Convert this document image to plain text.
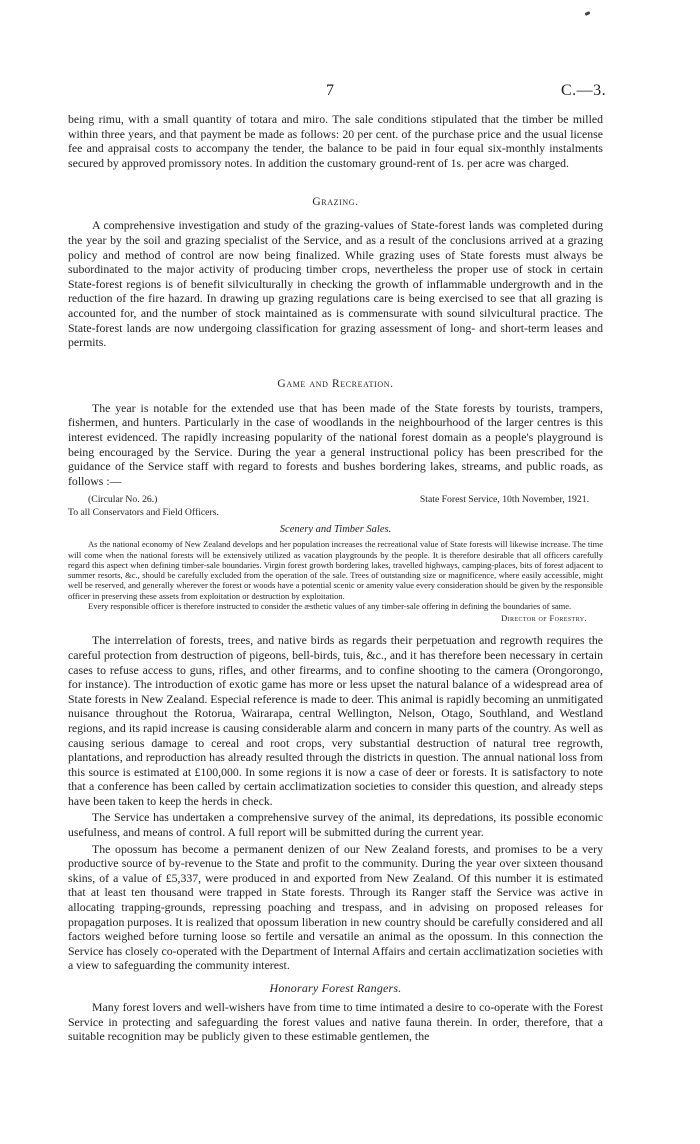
7	C.—3.

being rimu, with a small quantity of totara and miro. The sale conditions stipulated that the timber be milled within three years, and that payment be made as follows: 20 per cent. of the purchase price and the usual license fee and appraisal costs to accompany the tender, the balance to be paid in four equal six-monthly instalments secured by approved promissory notes. In addition the customary ground-rent of 1s. per acre was charged.

Grazing.

A comprehensive investigation and study of the grazing-values of State-forest lands was completed during the year by the soil and grazing specialist of the Service, and as a result of the conclusions arrived at a grazing policy and method of control are now being finalized. While grazing uses of State forests must always be subordinated to the major activity of producing timber crops, nevertheless the proper use of stock in certain State-forest regions is of benefit silviculturally in checking the growth of inflammable undergrowth and in the reduction of the fire hazard. In drawing up grazing regulations care is being exercised to see that all grazing is accounted for, and the number of stock maintained as is commensurate with sound silvicultural practice. The State-forest lands are now undergoing classification for grazing assessment of long- and short-term leases and permits.

Game and Recreation.

The year is notable for the extended use that has been made of the State forests by tourists, trampers, fishermen, and hunters. Particularly in the case of woodlands in the neighbourhood of the larger centres is this interest evidenced. The rapidly increasing popularity of the national forest domain as a people's playground is being encouraged by the Service. During the year a general instructional policy has been prescribed for the guidance of the Service staff with regard to forests and bushes bordering lakes, streams, and public roads, as follows :—

(Circular No. 26.)	State Forest Service, 10th November, 1921.
To all Conservators and Field Officers.
Scenery and Timber Sales.

As the national economy of New Zealand develops and her population increases the recreational value of State forests will likewise increase. The time will come when the national forests will be extensively utilized as vacation playgrounds by the people. It is therefore desirable that all officers carefully regard this aspect when defining timber-sale boundaries. Virgin forest growth bordering lakes, travelled highways, camping-places, bits of forest adjacent to summer resorts, &c., should be carefully excluded from the operation of the sale. Trees of outstanding size or magnificence, where easily accessible, might well be reserved, and generally wherever the forest or woods have a potential scenic or amenity value every consideration should be given by the responsible officer in preserving these assets from exploitation or destruction by exploitation.

Every responsible officer is therefore instructed to consider the æsthetic values of any timber-sale offering in defining the boundaries of same.

Director of Forestry.

The interrelation of forests, trees, and native birds as regards their perpetuation and regrowth requires the careful protection from destruction of pigeons, bell-birds, tuis, &c., and it has therefore been necessary in certain cases to refuse access to guns, rifles, and other firearms, and to confine shooting to the camera (Orongorongo, for instance). The introduction of exotic game has more or less upset the natural balance of a widespread area of State forests in New Zealand. Especial reference is made to deer. This animal is rapidly becoming an unmitigated nuisance throughout the Rotorua, Wairarapa, central Wellington, Nelson, Otago, Southland, and Westland regions, and its rapid increase is causing considerable alarm and concern in many parts of the country. As well as causing serious damage to cereal and root crops, very substantial destruction of natural tree regrowth, plantations, and reproduction has already resulted through the districts in question. The annual national loss from this source is estimated at £100,000. In some regions it is now a case of deer or forests. It is satisfactory to note that a conference has been called by certain acclimatization societies to consider this question, and already steps have been taken to keep the herds in check.

The Service has undertaken a comprehensive survey of the animal, its depredations, its possible economic usefulness, and means of control. A full report will be submitted during the current year.

The opossum has become a permanent denizen of our New Zealand forests, and promises to be a very productive source of by-revenue to the State and profit to the community. During the year over sixteen thousand skins, of a value of £5,337, were produced in and exported from New Zealand. Of this number it is estimated that at least ten thousand were trapped in State forests. Through its Ranger staff the Service was active in allocating trapping-grounds, repressing poaching and trespass, and in advising on proposed releases for propagation purposes. It is realized that opossum liberation in new country should be carefully considered and all factors weighed before turning loose so fertile and versatile an animal as the opossum. In this connection the Service has closely co-operated with the Department of Internal Affairs and certain acclimatization societies with a view to safeguarding the community interest.

Honorary Forest Rangers.

Many forest lovers and well-wishers have from time to time intimated a desire to co-operate with the Forest Service in protecting and safeguarding the forest values and native fauna therein. In order, therefore, that a suitable recognition may be publicly given to these estimable gentlemen, the
